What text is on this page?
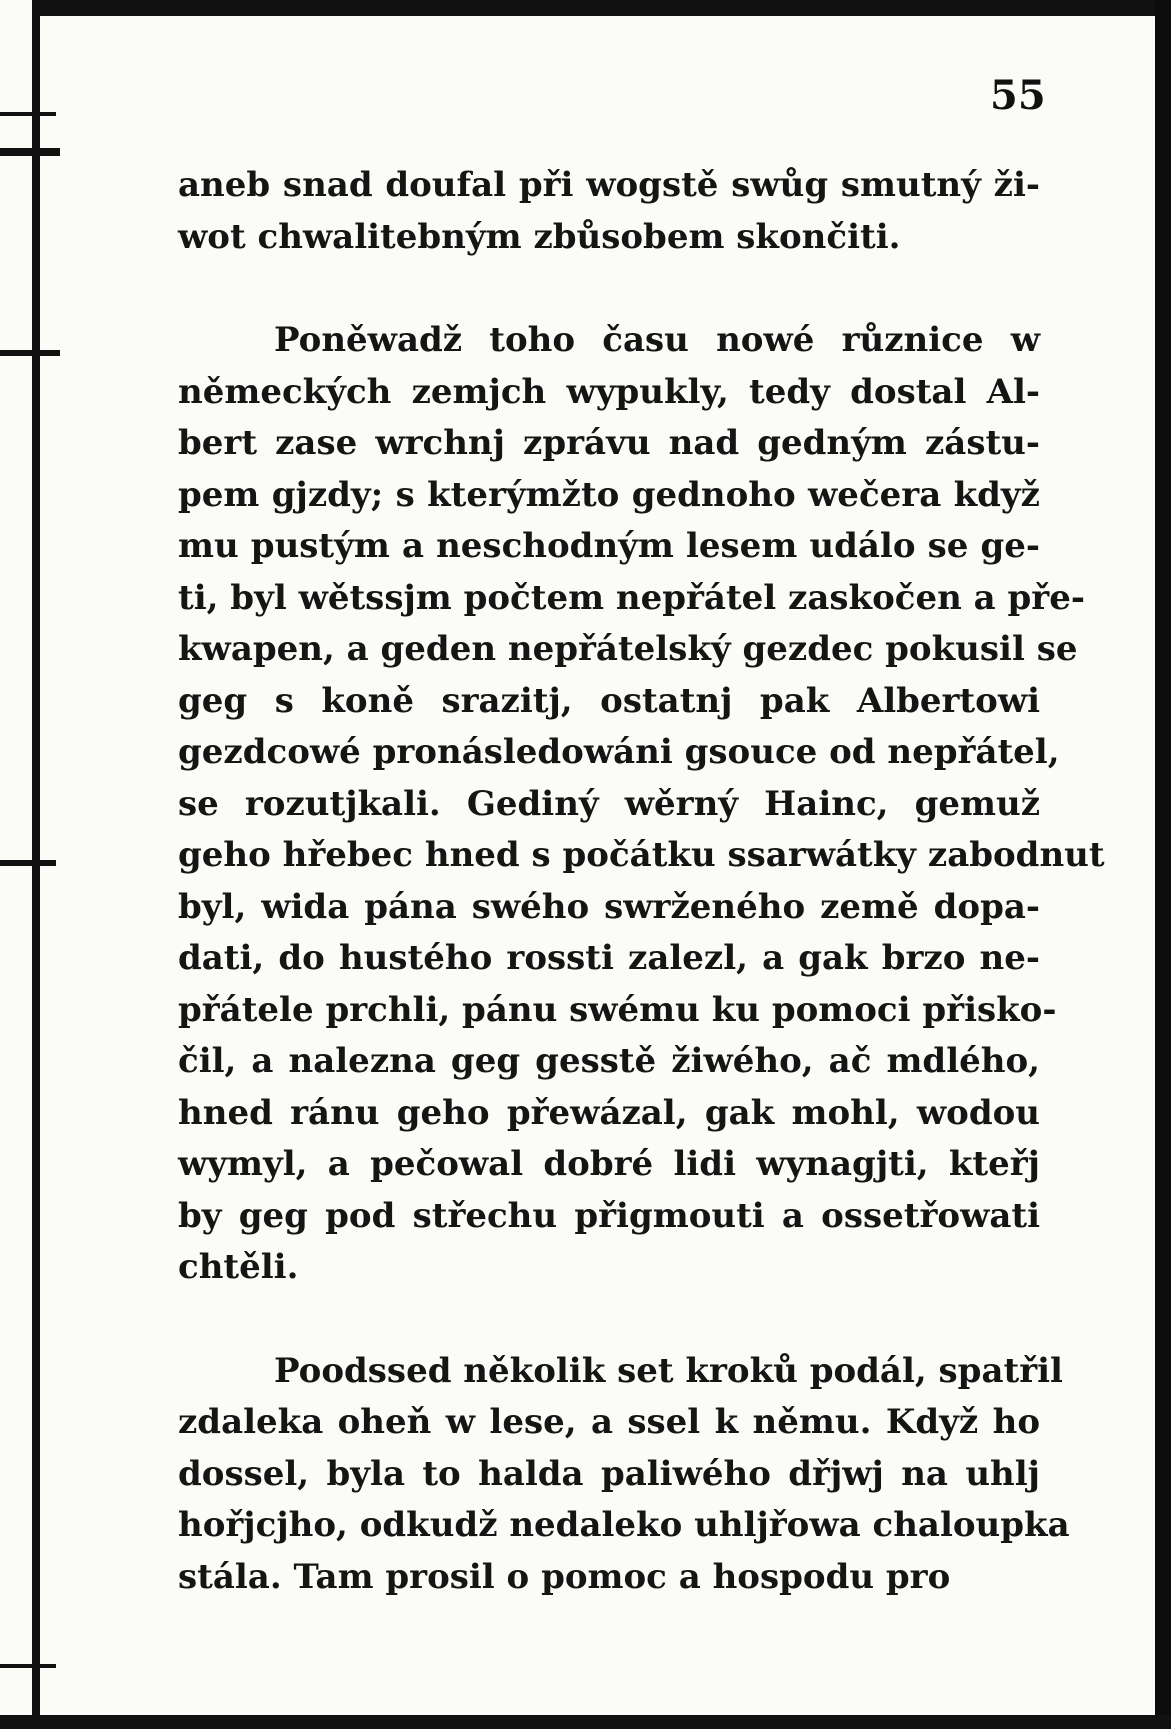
55
aneb snad doufal při wogstě swůg smutný ži-
wot chwalitebným zbůsobem skončiti.
Poněwadž toho času nowé různice w
německých zemjch wypukly, tedy dostal Al-
bert zase wrchnj zprávu nad gedným zástu-
pem gjzdy; s kterýmžto gednoho wečera když
mu pustým a neschodným lesem událo se ge-
ti, byl wětssjm počtem nepřátel zaskočen a pře-
kwapen, a geden nepřátelský gezdec pokusil se
geg s koně srazitj, ostatnj pak Albertowi
gezdcowé pronásledowáni gsouce od nepřátel,
se rozutjkali. Gediný wěrný Hainc, gemuž
geho hřebec hned s počátku ssarwátky zabodnut
byl, wida pána swého swrženého země dopa-
dati, do hustého rossti zalezl, a gak brzo ne-
přátele prchli, pánu swému ku pomoci přisko-
čil, a nalezna geg gesstě žiwého, ač mdlého,
hned ránu geho přewázal, gak mohl, wodou
wymyl, a pečowal dobré lidi wynagjti, kteřj
by geg pod střechu přigmouti a ossetřowati
chtěli.
Poodssed několik set kroků podál, spatřil
zdaleka oheň w lese, a ssel k němu. Když ho
dossel, byla to halda paliwého dřjwj na uhlj
hořjcjho, odkudž nedaleko uhljřowa chaloupka
stála. Tam prosil o pomoc a hospodu pro
